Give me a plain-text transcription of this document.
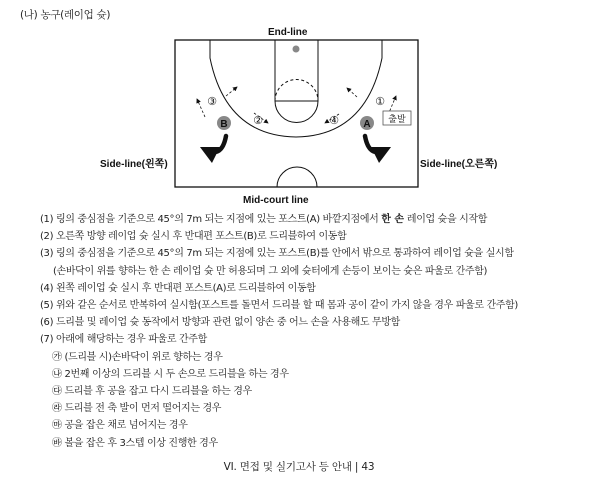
(나) 농구(레이업 슛)
B	A
③
②	④
①
출발
End-line
Mid-court line
Side-line(왼쪽)	Side-line(오른쪽)
(1) 링의 중심점을 기준으로 45°의 7m 되는 지점에 있는 포스트(A) 바깥지점에서 한 손 레이업 슛을 시작함
(2) 오른쪽 방향 레이업 슛 실시 후 반대편 포스트(B)로 드리블하여 이동함
(3) 링의 중심점을 기준으로 45°의 7m 되는 지점에 있는 포스트(B)를 안에서 밖으로 통과하여 레이업 슛을 실시함
(손바닥이 위를 향하는 한 손 레이업 슛 만 허용되며 그 외에 슛터에게 손등이 보이는 슛은 파울로 간주함)
(4) 왼쪽 레이업 슛 실시 후 반대편 포스트(A)로 드리블하여 이동함
(5) 위와 같은 순서로 반복하여 실시함(포스트를 돌면서 드리블 할 때 몸과 공이 같이 가지 않을 경우 파울로 간주함)
(6) 드리블 및 레이업 슛 동작에서 방향과 관련 없이 양손 중 어느 손을 사용해도 무방함
(7) 아래에 해당하는 경우 파울로 간주함
㉮ (드리블 시)손바닥이 위로 향하는 경우
㉯ 2번째 이상의 드리블 시 두 손으로 드리블을 하는 경우
㉰ 드리블 후 공을 잡고 다시 드리블을 하는 경우
㉱ 드리블 전 축 발이 먼저 떨어지는 경우
㉲ 공을 잡은 채로 넘어지는 경우
㉳ 볼을 잡은 후 3스텝 이상 진행한 경우
VI. 면접 및 실기고사 등 안내 | 43
